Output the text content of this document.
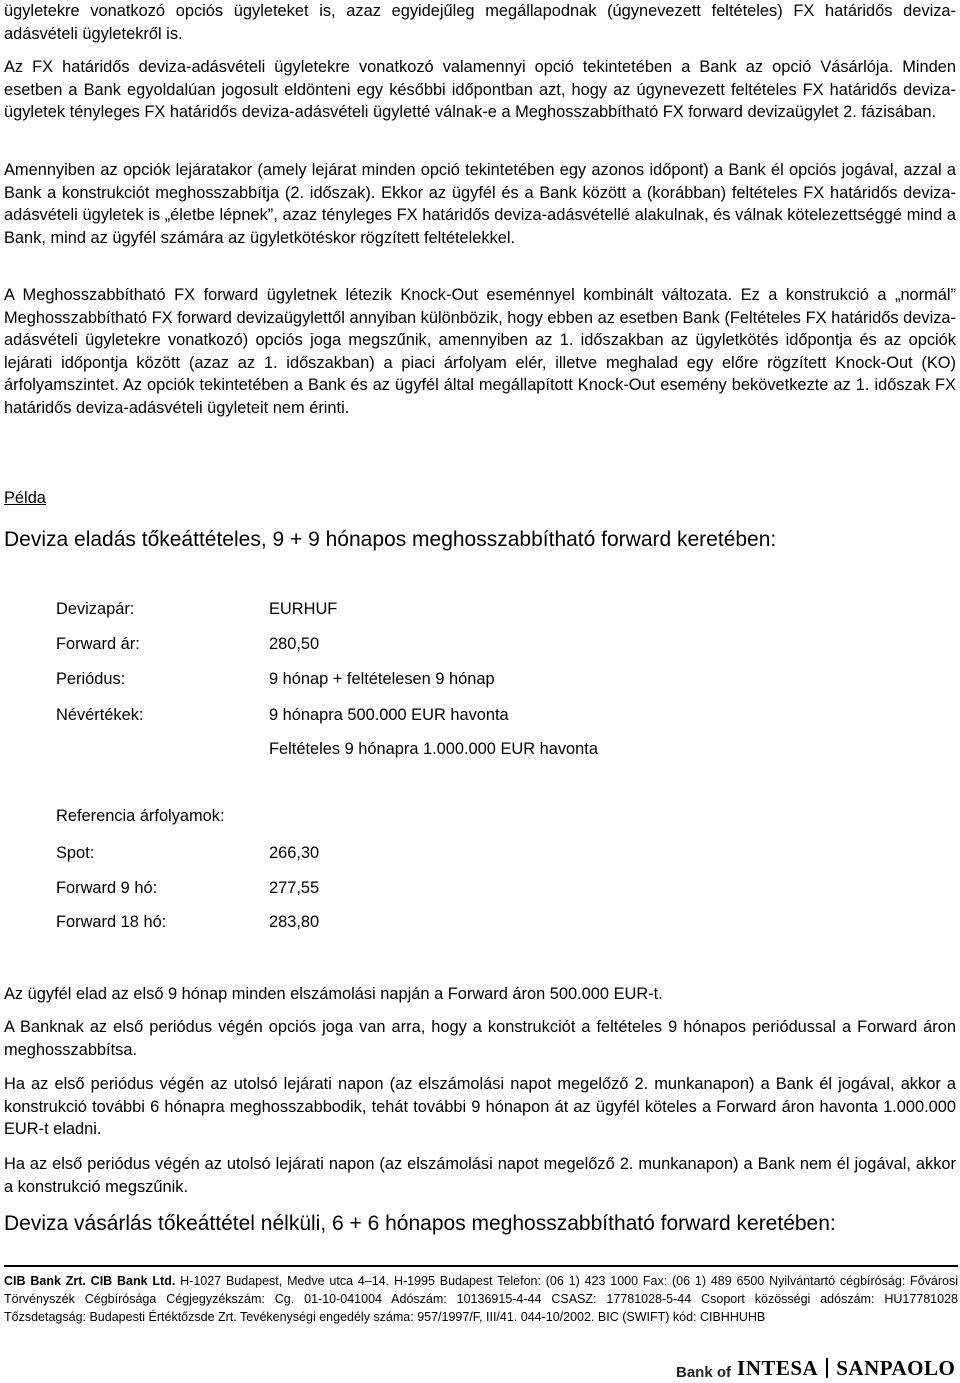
ügyletekre vonatkozó opciós ügyleteket is, azaz egyidejűleg megállapodnak (úgynevezett feltételes) FX határidős deviza-adásvételi ügyletekről is.

Az FX határidős deviza-adásvételi ügyletekre vonatkozó valamennyi opció tekintetében a Bank az opció Vásárlója. Minden esetben a Bank egyoldalúan jogosult eldönteni egy későbbi időpontban azt, hogy az úgynevezett feltételes FX határidős deviza-ügyletek tényleges FX határidős deviza-adásvételi ügyletté válnak-e a Meghosszabbítható FX forward devizaügylet 2. fázisában.

Amennyiben az opciók lejáratakor (amely lejárat minden opció tekintetében egy azonos időpont) a Bank él opciós jogával, azzal a Bank a konstrukciót meghosszabbítja (2. időszak). Ekkor az ügyfél és a Bank között a (korábban) feltételes FX határidős deviza-adásvételi ügyletek is „életbe lépnek”, azaz tényleges FX határidős deviza-adásvétellé alakulnak, és válnak kötelezettséggé mind a Bank, mind az ügyfél számára az ügyletkötéskor rögzített feltételekkel.

A Meghosszabbítható FX forward ügyletnek létezik Knock-Out eseménnyel kombinált változata. Ez a konstrukció a „normál” Meghosszabbítható FX forward devizaügylettől annyiban különbözik, hogy ebben az esetben Bank (Feltételes FX határidős deviza-adásvételi ügyletekre vonatkozó) opciós joga megszűnik, amennyiben az 1. időszakban az ügyletkötés időpontja és az opciók lejárati időpontja között (azaz az 1. időszakban) a piaci árfolyam elér, illetve meghalad egy előre rögzített Knock-Out (KO) árfolyamszintet. Az opciók tekintetében a Bank és az ügyfél által megállapított Knock-Out esemény bekövetkezte az 1. időszak FX határidős deviza-adásvételi ügyleteit nem érinti.

Példa
Deviza eladás tőkeáttételes, 9 + 9 hónapos meghosszabbítható forward keretében:
Devizapár:	EURHUF
Forward ár:	280,50
Periódus:	9 hónap + feltételesen 9 hónap
Névértékek:	9 hónapra 500.000 EUR havonta
Feltételes 9 hónapra 1.000.000 EUR havonta
Referencia árfolyamok:
Spot:	266,30
Forward 9 hó:	277,55
Forward 18 hó:	283,80

Az ügyfél elad az első 9 hónap minden elszámolási napján a Forward áron 500.000 EUR-t.

A Banknak az első periódus végén opciós joga van arra, hogy a konstrukciót a feltételes 9 hónapos periódussal a Forward áron meghosszabbítsa.

Ha az első periódus végén az utolsó lejárati napon (az elszámolási napot megelőző 2. munkanapon) a Bank él jogával, akkor a konstrukció további 6 hónapra meghosszabbodik, tehát további 9 hónapon át az ügyfél köteles a Forward áron havonta 1.000.000 EUR-t eladni.

Ha az első periódus végén az utolsó lejárati napon (az elszámolási napot megelőző 2. munkanapon) a Bank nem él jogával, akkor a konstrukció megszűnik.

Deviza vásárlás tőkeáttétel nélküli, 6 + 6 hónapos meghosszabbítható forward keretében:
CIB Bank Zrt. CIB Bank Ltd. H-1027 Budapest, Medve utca 4–14. H-1995 Budapest Telefon: (06 1) 423 1000 Fax: (06 1) 489 6500 Nyilvántartó cégbíróság: Fővárosi Törvényszék Cégbírósága Cégjegyzékszám: Cg. 01-10-041004 Adószám: 10136915-4-44 CSASZ: 17781028-5-44 Csoport közösségi adószám: HU17781028 Tőzsdetagság: Budapesti Értéktőzsde Zrt. Tevékenységi engedély száma: 957/1997/F, III/41. 044-10/2002. BIC (SWIFT) kód: CIBHHUHB
Bank of INTESA SANPAOLO
